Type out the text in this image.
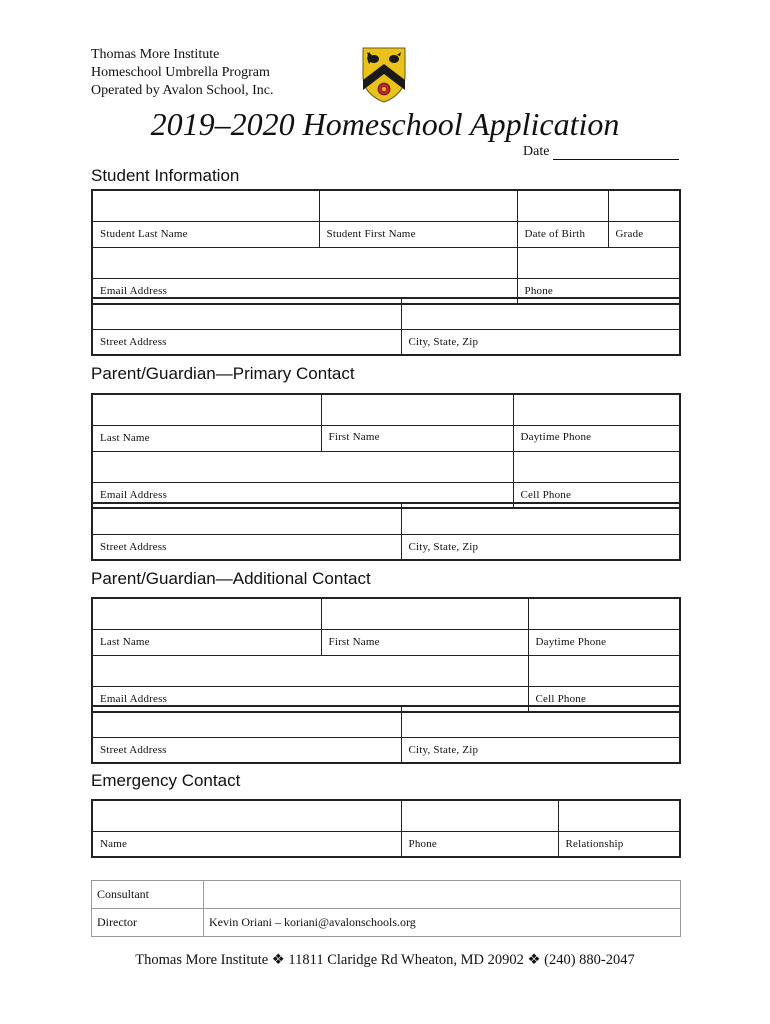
Thomas More Institute
Homeschool Umbrella Program
Operated by Avalon School, Inc.
2019–2020 Homeschool Application
Date
Student Information

Student Last Name	Student First Name	Date of Birth	Grade

Email Address		Phone	

Street Address	City, State, Zip
Parent/Guardian—Primary Contact

Last Name	First Name	Daytime Phone

Email Address		Cell Phone

Street Address	City, State, Zip
Parent/Guardian—Additional Contact

Last Name	First Name	Daytime Phone

Email Address		Cell Phone

Street Address	City, State, Zip
Emergency Contact

Name	Phone	Relationship
Consultant	
Director	Kevin Oriani – koriani@avalonschools.org
Thomas More Institute ❖ 11811 Claridge Rd Wheaton, MD 20902 ❖ (240) 880-2047
